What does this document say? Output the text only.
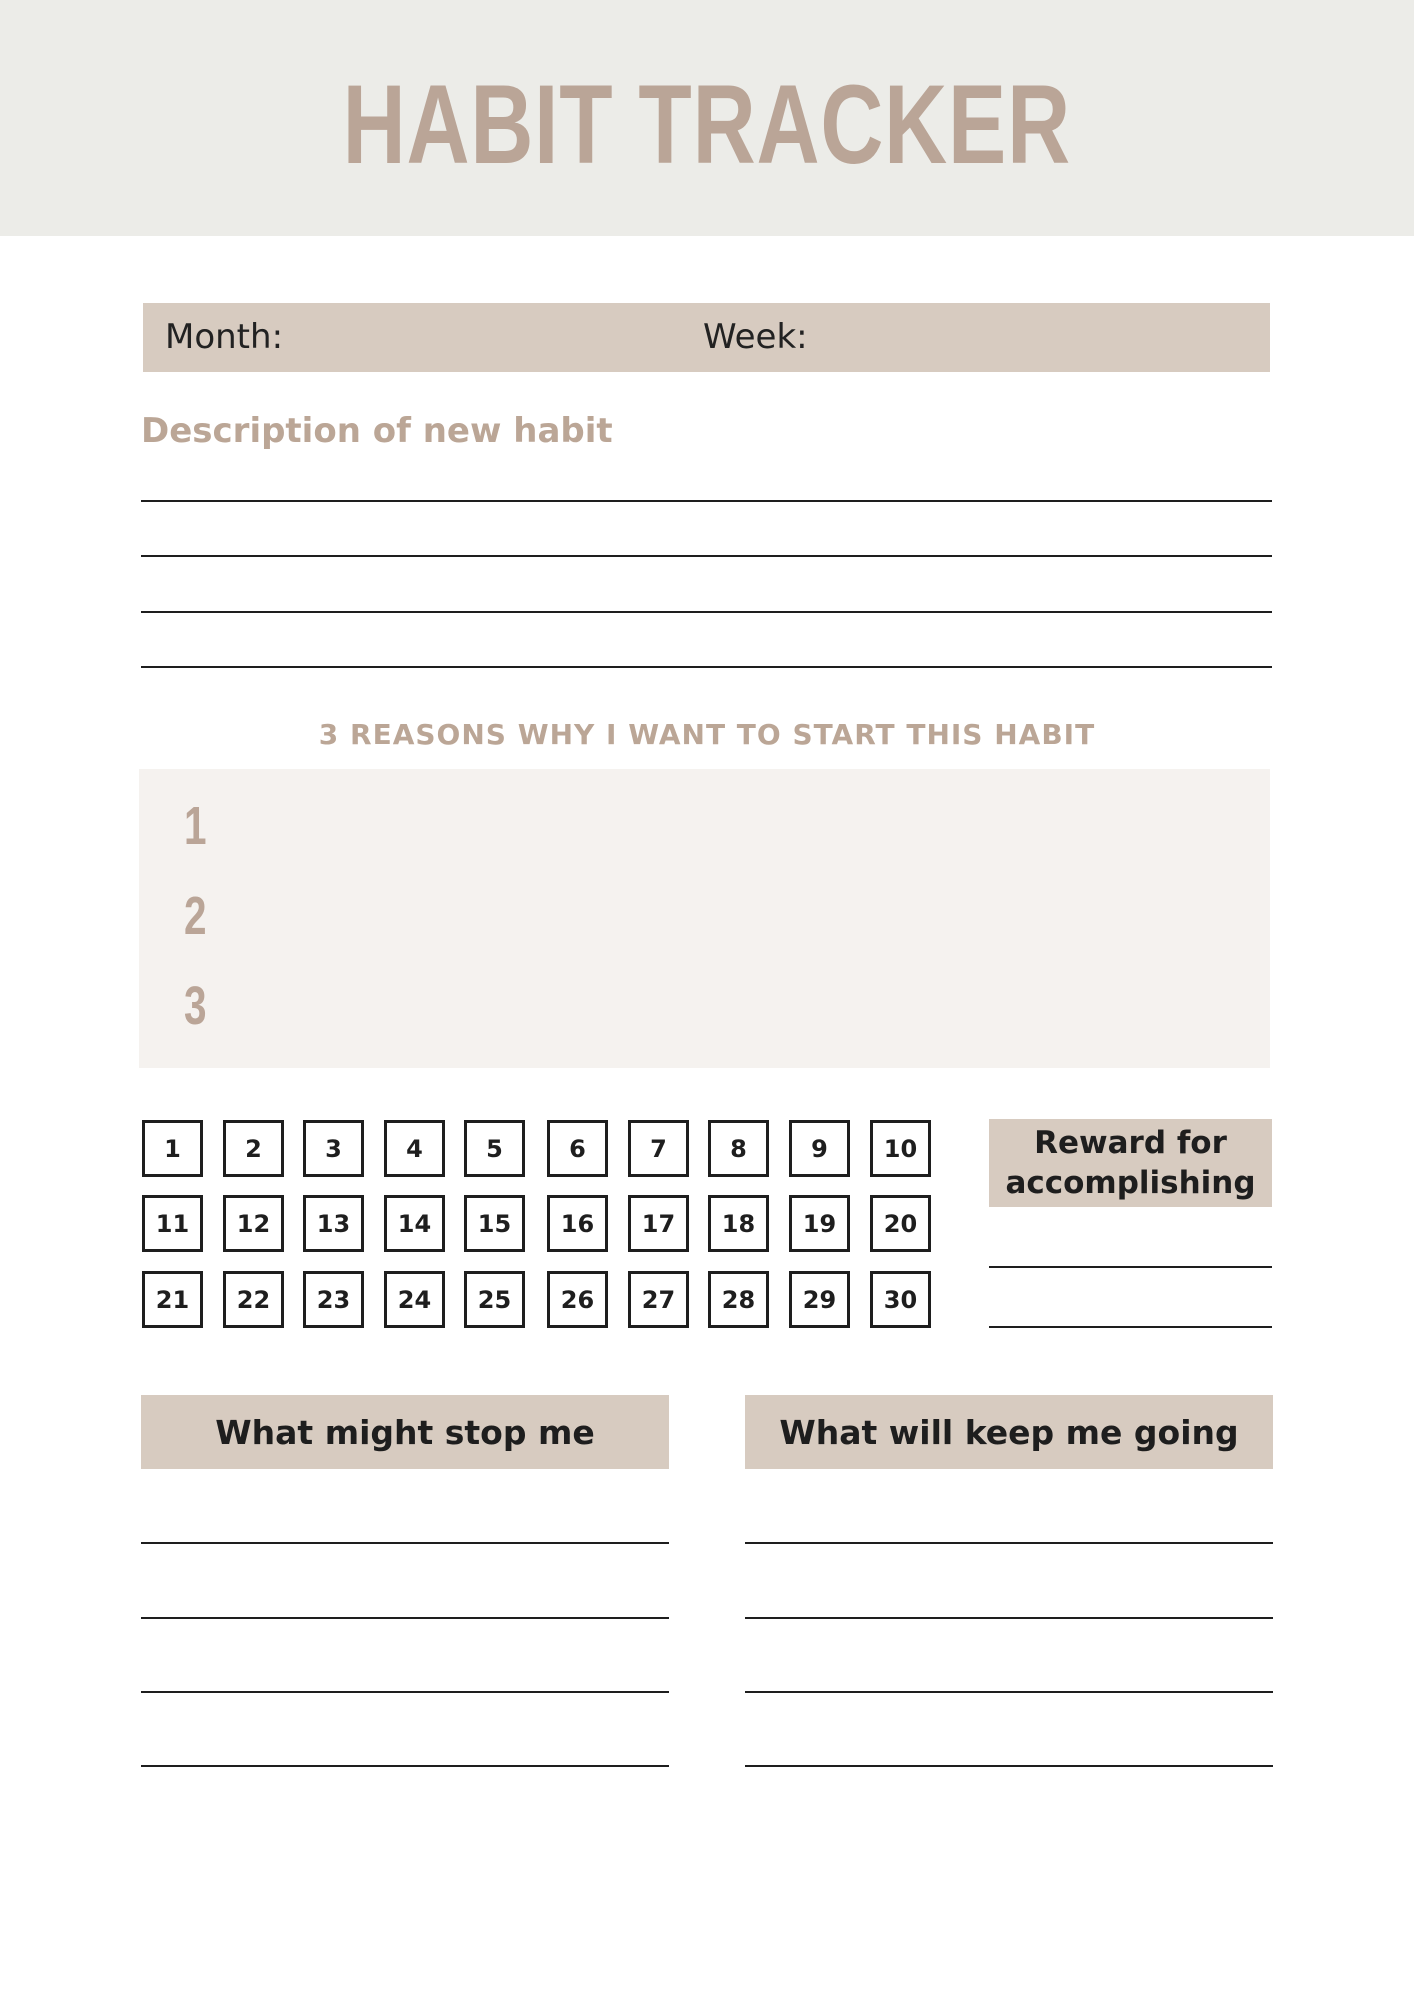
HABIT TRACKER
Month:	Week:
Description of new habit
3 REASONS WHY I WANT TO START THIS HABIT
1
2
3
1	2	3	4	5	6	7	8	9	10
11	12	13	14	15	16	17	18	19	20
21	22	23	24	25	26	27	28	29	30
Reward for accomplishing
What might stop me	What will keep me going
